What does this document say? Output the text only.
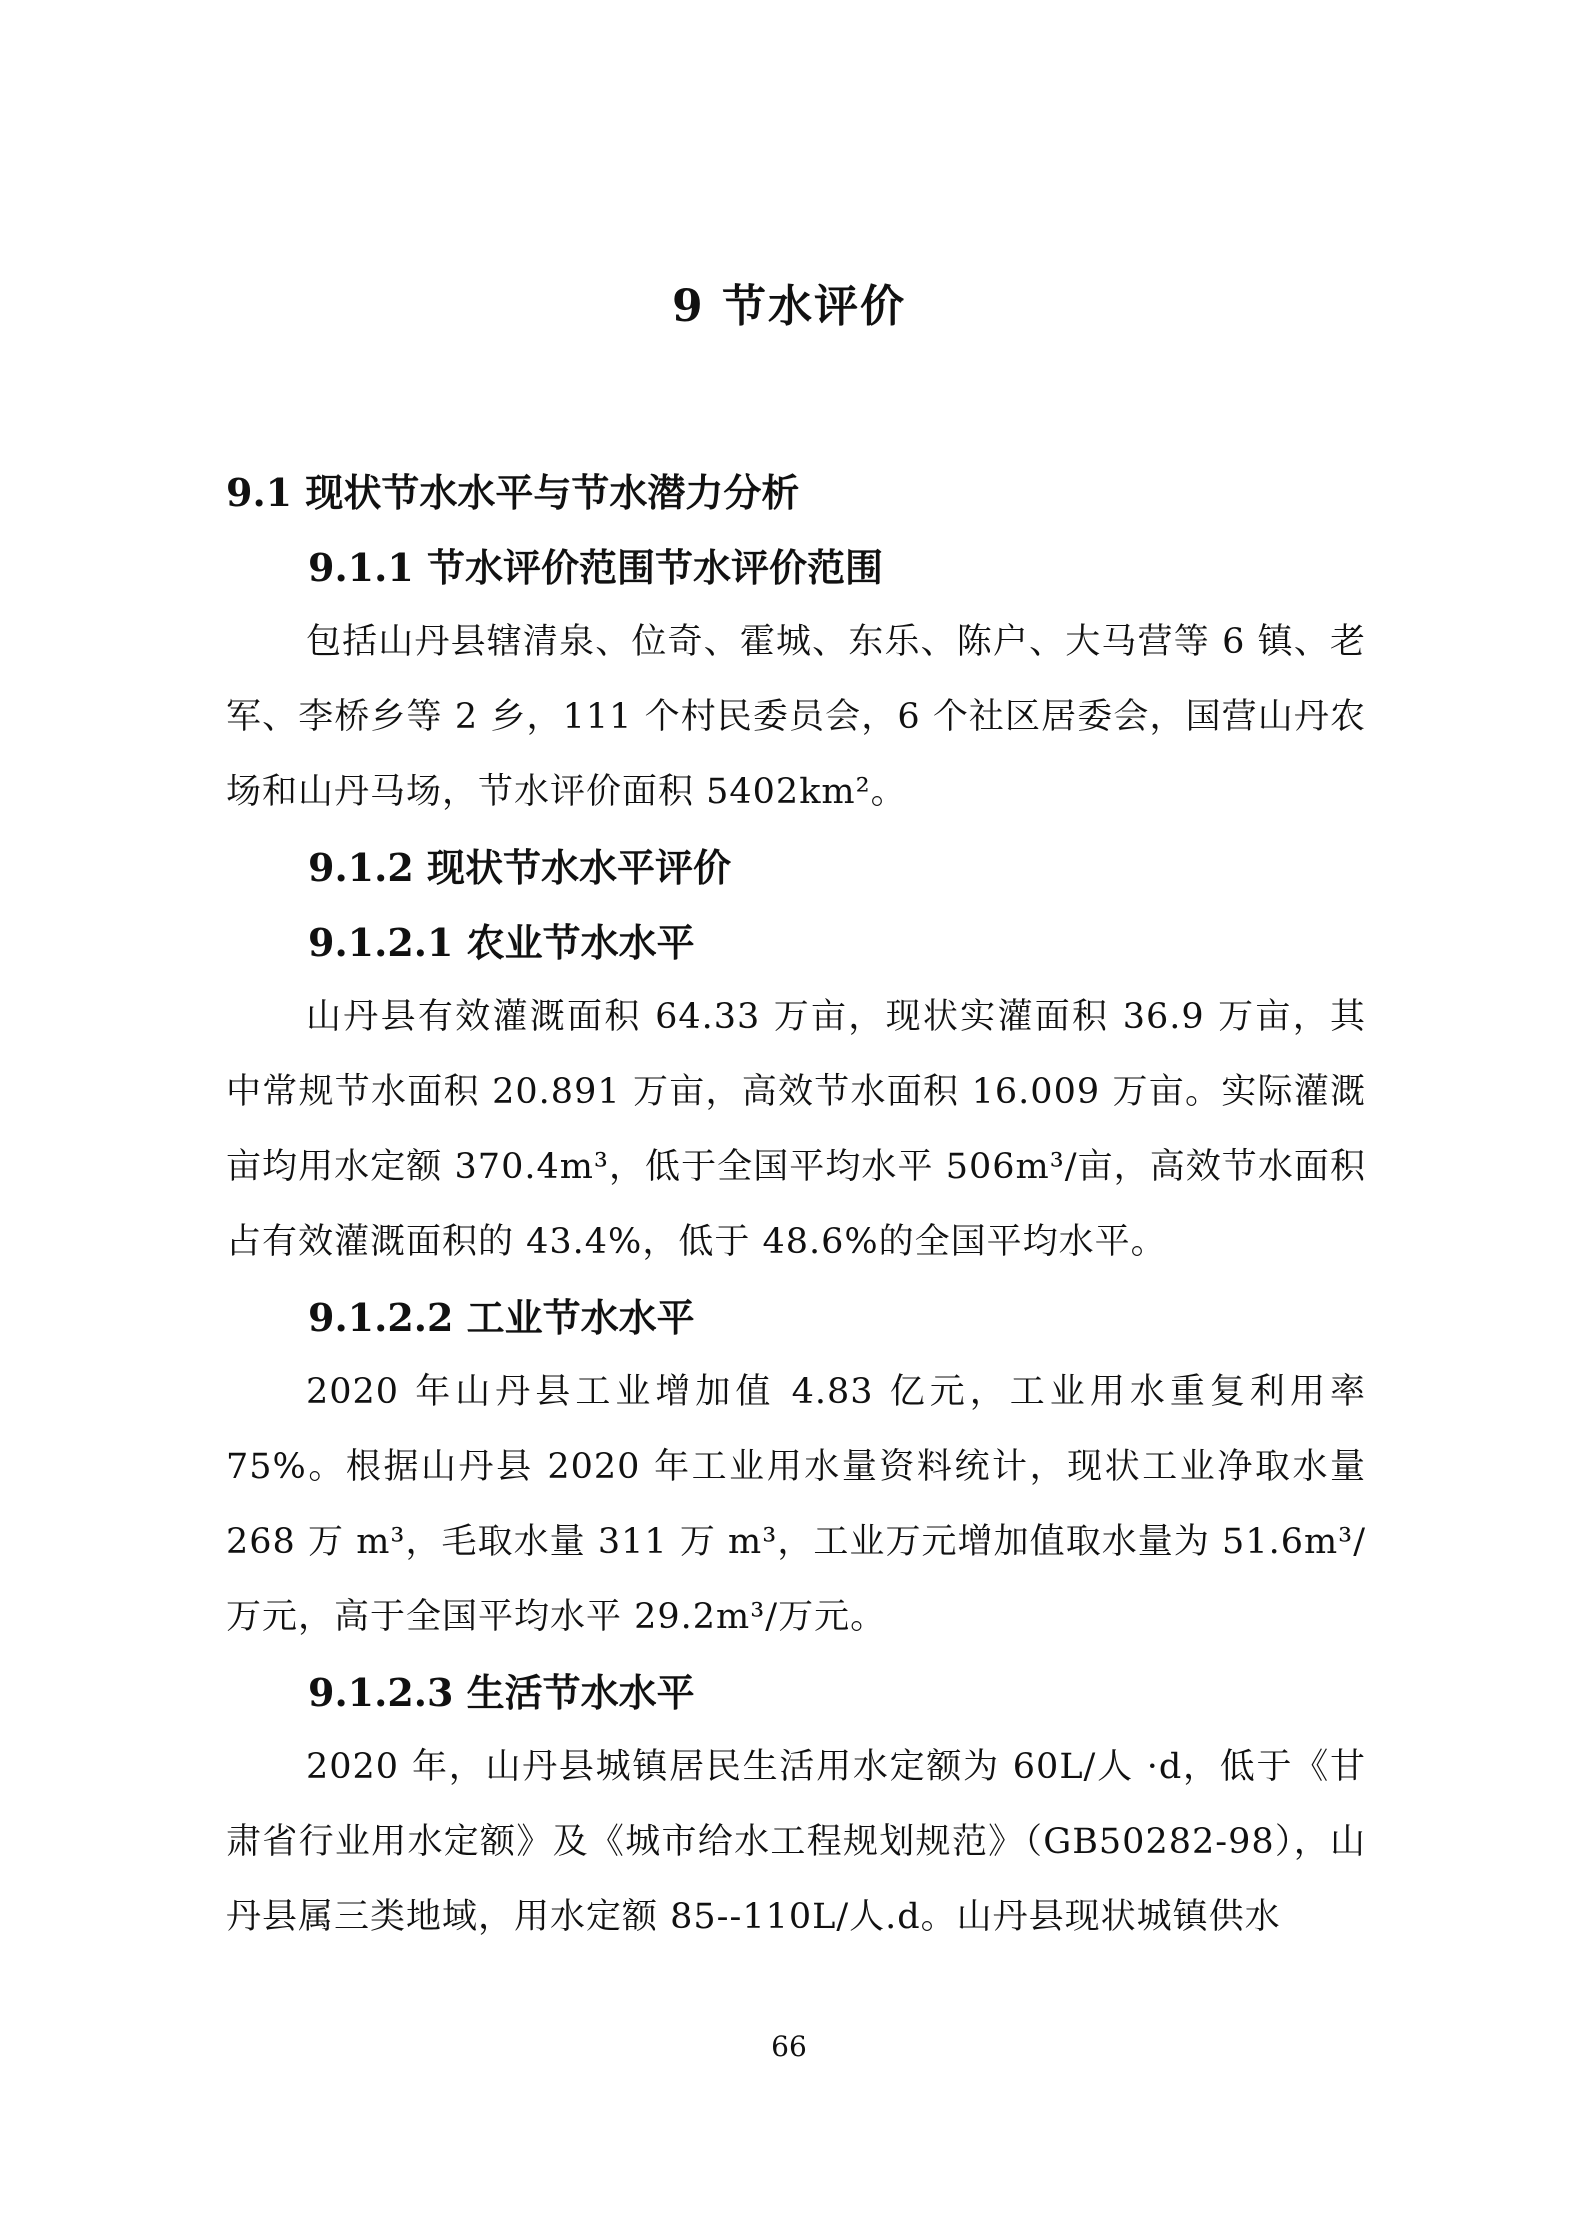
9 节水评价
9.1 现状节水水平与节水潜力分析
9.1.1 节水评价范围节水评价范围

包括山丹县辖清泉、位奇、霍城、东乐、陈户、大马营等 6 镇、老军、李桥乡等 2 乡，111 个村民委员会，6 个社区居委会，国营山丹农场和山丹马场，节水评价面积 5402km²。

9.1.2 现状节水水平评价
9.1.2.1 农业节水水平

山丹县有效灌溉面积 64.33 万亩，现状实灌面积 36.9 万亩，其中常规节水面积 20.891 万亩，高效节水面积 16.009 万亩。实际灌溉亩均用水定额 370.4m³，低于全国平均水平 506m³/亩，高效节水面积占有效灌溉面积的 43.4%，低于 48.6%的全国平均水平。

9.1.2.2 工业节水水平

2020 年山丹县工业增加值 4.83 亿元，工业用水重复利用率 75%。根据山丹县 2020 年工业用水量资料统计，现状工业净取水量 268 万 m³，毛取水量 311 万 m³，工业万元增加值取水量为 51.6m³/万元，高于全国平均水平 29.2m³/万元。

9.1.2.3 生活节水水平

2020 年，山丹县城镇居民生活用水定额为 60L/人 ·d，低于《甘肃省行业用水定额》及《城市给水工程规划规范》（GB50282-98），山丹县属三类地域，用水定额 85--110L/人.d。山丹县现状城镇供水

66
